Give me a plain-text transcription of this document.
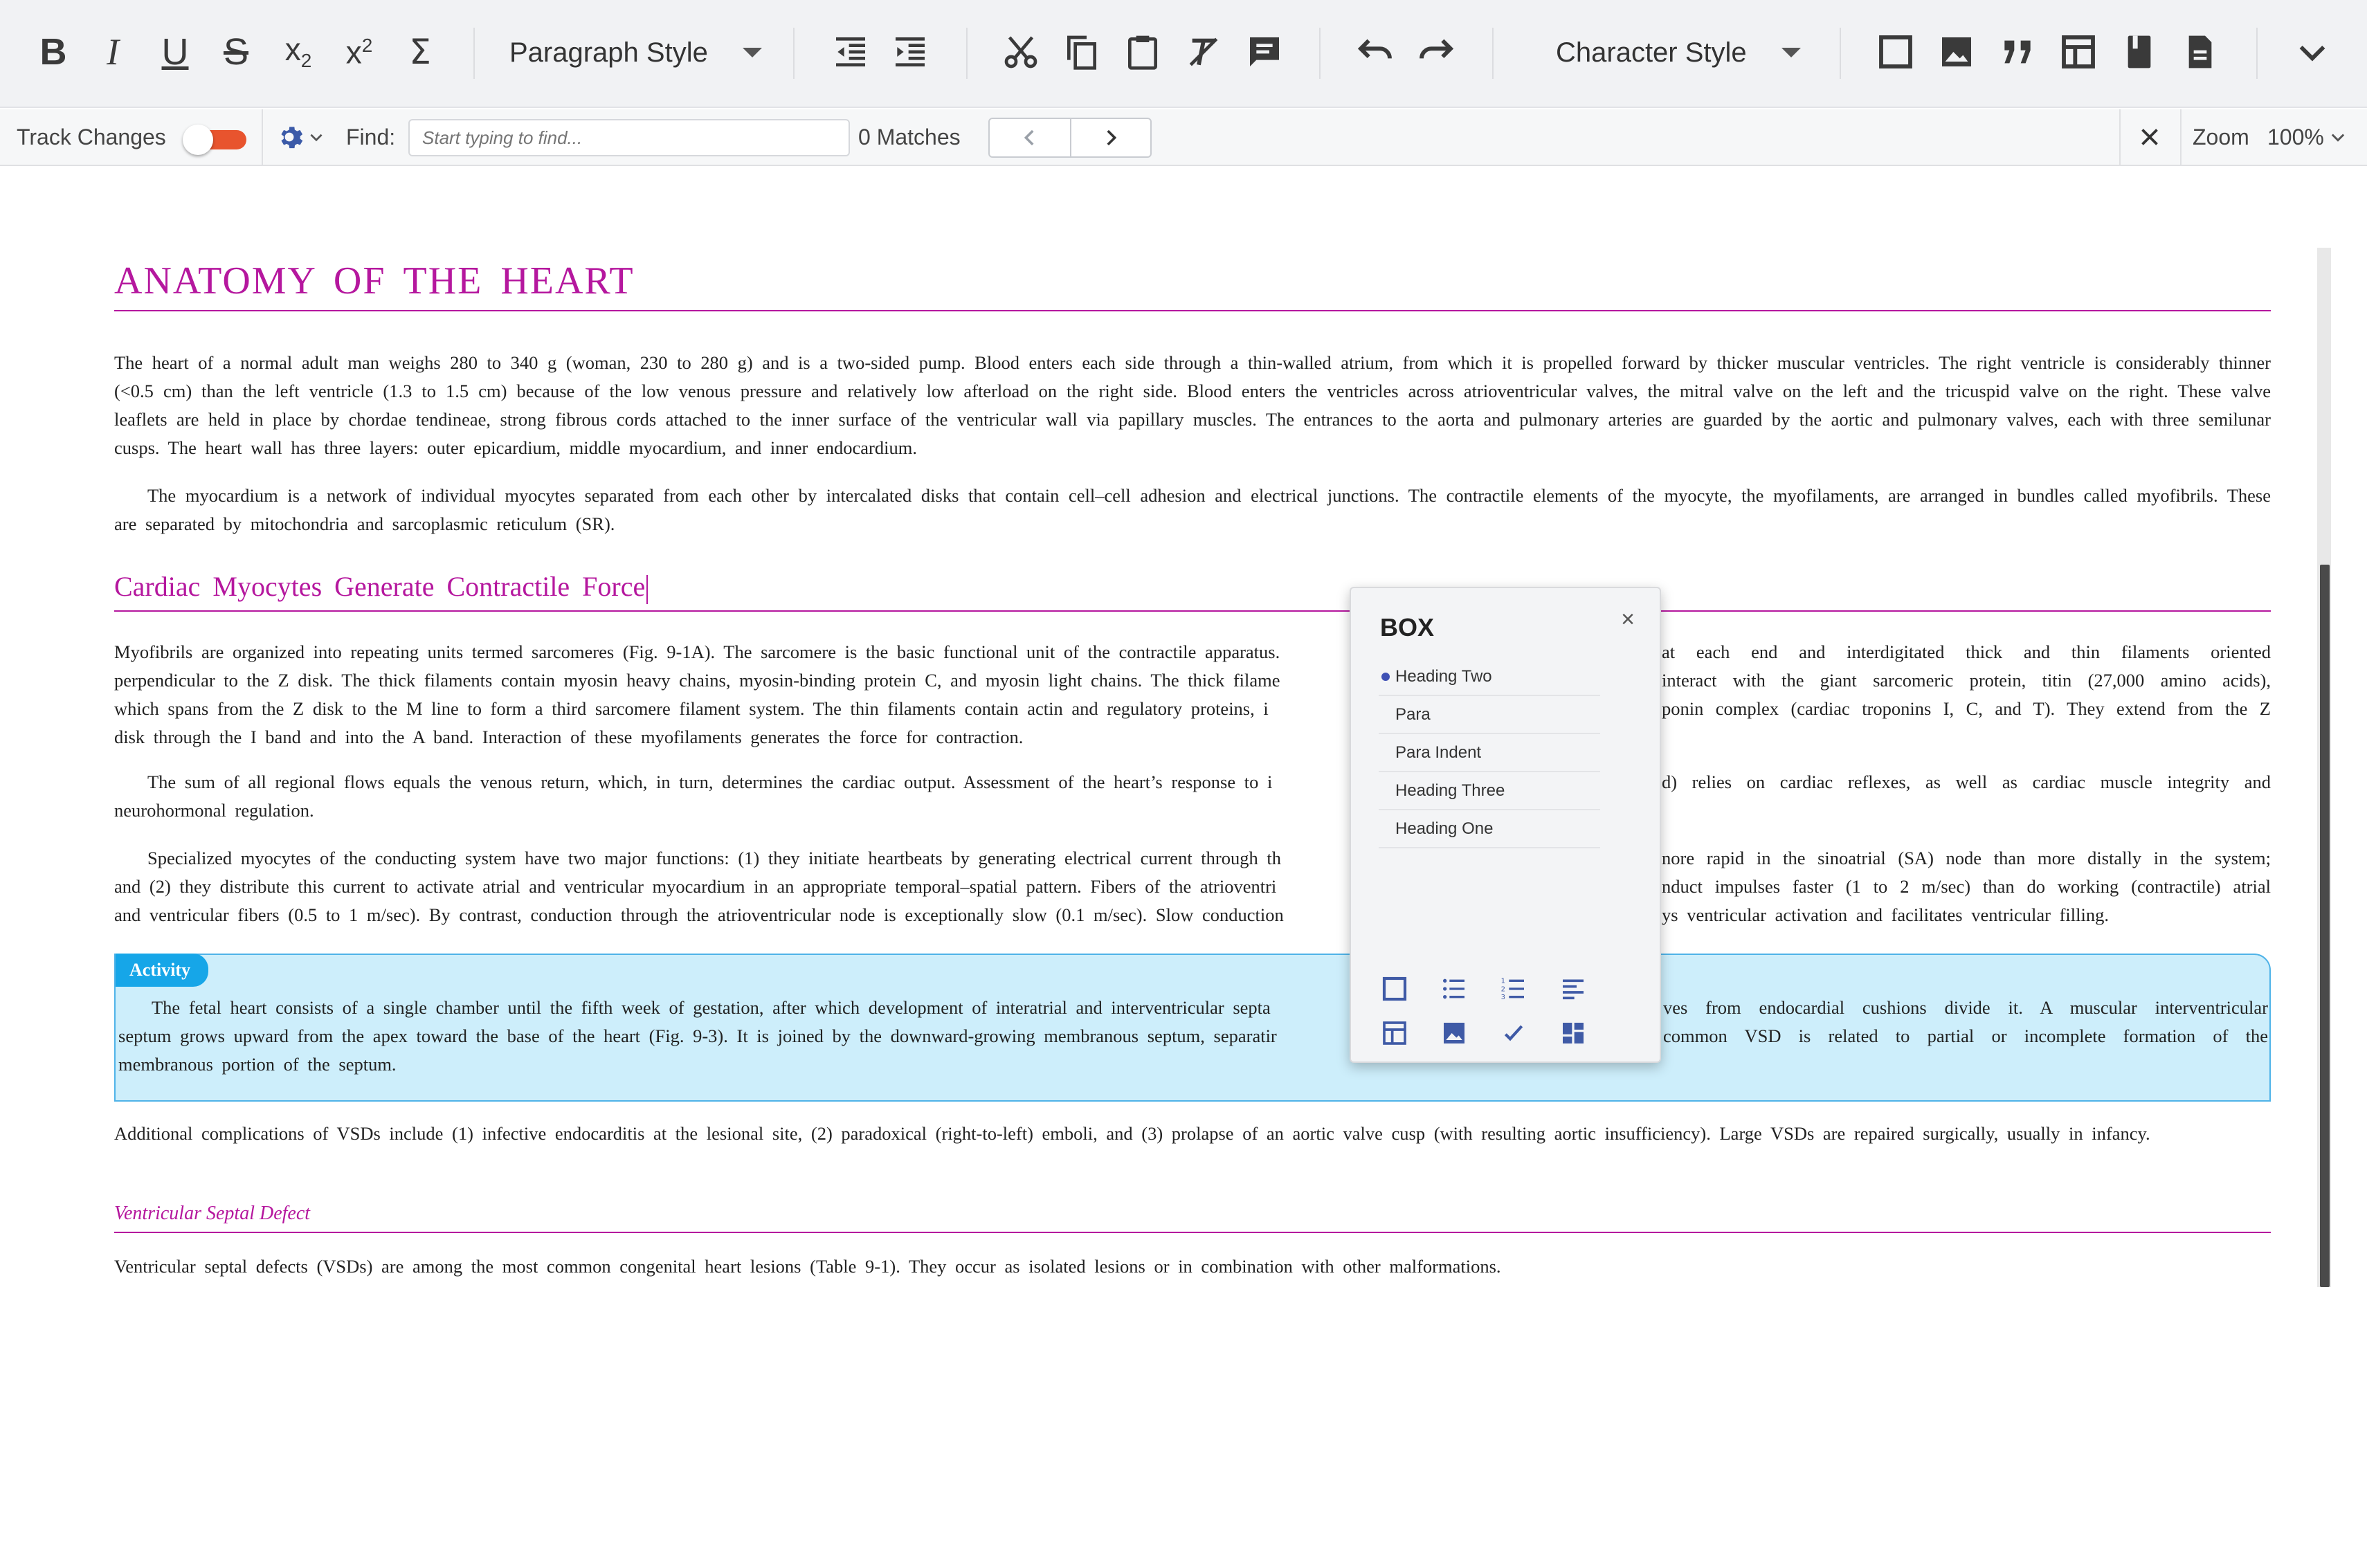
B I U S $x_2$ $x^2$ Σ	Paragraph Style	Character Style
Track Changes	Find:
Start typing to find...	0 Matches	Zoom 100%
ANATOMY OF THE HEART
The heart of a normal adult man weighs 280 to 340 g (woman, 230 to 280 g) and is a two-sided pump. Blood enters each side through a thin-walled atrium, from which it is propelled forward by thicker muscular ventricles. The right ventricle is considerably thinner (<0.5 cm) than the left ventricle (1.3 to 1.5 cm) because of the low venous pressure and relatively low afterload on the right side. Blood enters the ventricles across atrioventricular valves, the mitral valve on the left and the tricuspid valve on the right. These valve leaflets are held in place by chordae tendineae, strong fibrous cords attached to the inner surface of the ventricular wall via papillary muscles. The entrances to the aorta and pulmonary arteries are guarded by the aortic and pulmonary valves, each with three semilunar cusps. The heart wall has three layers: outer epicardium, middle myocardium, and inner endocardium.
The myocardium is a network of individual myocytes separated from each other by intercalated disks that contain cell–cell adhesion and electrical junctions. The contractile elements of the myocyte, the myofilaments, are arranged in bundles called myofibrils. These are separated by mitochondria and sarcoplasmic reticulum (SR).
Cardiac Myocytes Generate Contractile Force
Myofibrils are organized into repeating units termed sarcomeres (Fig. 9-1A). The sarcomere is the basic functional unit of the contractile apparatus.
perpendicular to the Z disk. The thick filaments contain myosin heavy chains, myosin-binding protein C, and myosin light chains. The thick filame
which spans from the Z disk to the M line to form a third sarcomere filament system. The thin filaments contain actin and regulatory proteins, i
at each end and interdigitated thick and thin filaments oriented
interact with the giant sarcomeric protein, titin (27,000 amino acids),
ponin complex (cardiac troponins I, C, and T). They extend from the Z
disk through the I band and into the A band. Interaction of these myofilaments generates the force for contraction.
The sum of all regional flows equals the venous return, which, in turn, determines the cardiac output. Assessment of the heart’s response to i	d) relies on cardiac reflexes, as well as cardiac muscle integrity and
neurohormonal regulation.
Specialized myocytes of the conducting system have two major functions: (1) they initiate heartbeats by generating electrical current through th
and (2) they distribute this current to activate atrial and ventricular myocardium in an appropriate temporal–spatial pattern. Fibers of the atrioventri
and ventricular fibers (0.5 to 1 m/sec). By contrast, conduction through the atrioventricular node is exceptionally slow (0.1 m/sec). Slow conduction
nore rapid in the sinoatrial (SA) node than more distally in the system;
nduct impulses faster (1 to 2 m/sec) than do working (contractile) atrial
ys ventricular activation and facilitates ventricular filling.
Activity
The fetal heart consists of a single chamber until the fifth week of gestation, after which development of interatrial and interventricular septa
septum grows upward from the apex toward the base of the heart (Fig. 9-3). It is joined by the downward-growing membranous septum, separatir
membranous portion of the septum.
ves from endocardial cushions divide it. A muscular interventricular
common VSD is related to partial or incomplete formation of the
Additional complications of VSDs include (1) infective endocarditis at the lesional site, (2) paradoxical (right-to-left) emboli, and (3) prolapse of an aortic valve cusp (with resulting aortic insufficiency). Large VSDs are repaired surgically, usually in infancy.
Ventricular Septal Defect
Ventricular septal defects (VSDs) are among the most common congenital heart lesions (Table 9-1). They occur as isolated lesions or in combination with other malformations.
BOX	×
Heading Two
Para
Para Indent
Heading Three
Heading One
1
2
3
